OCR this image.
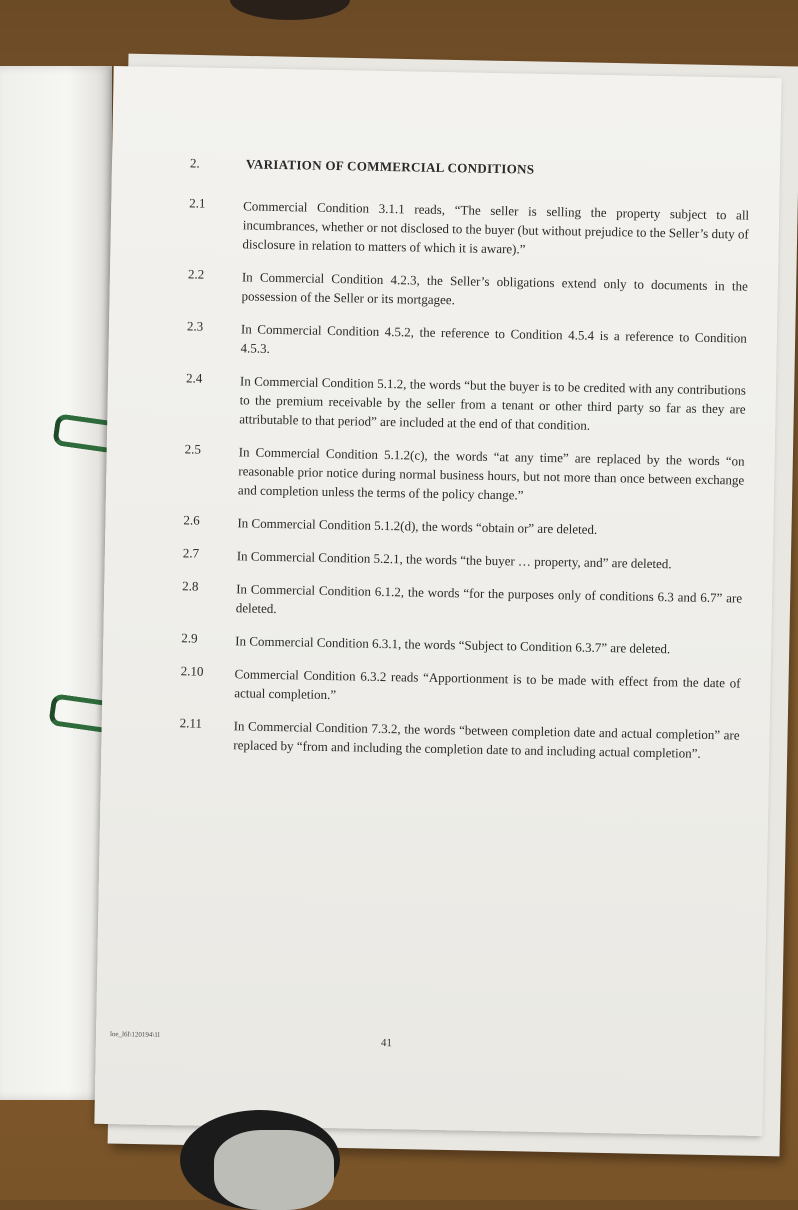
2.	VARIATION OF COMMERCIAL CONDITIONS
2.1	Commercial Condition 3.1.1 reads, “The seller is selling the property subject to all incumbrances, whether or not disclosed to the buyer (but without prejudice to the Seller’s duty of disclosure in relation to matters of which it is aware).”
2.2	In Commercial Condition 4.2.3, the Seller’s obligations extend only to documents in the possession of the Seller or its mortgagee.
2.3	In Commercial Condition 4.5.2, the reference to Condition 4.5.4 is a reference to Condition 4.5.3.
2.4	In Commercial Condition 5.1.2, the words “but the buyer is to be credited with any contributions to the premium receivable by the seller from a tenant or other third party so far as they are attributable to that period” are included at the end of that condition.
2.5	In Commercial Condition 5.1.2(c), the words “at any time” are replaced by the words “on reasonable prior notice during normal business hours, but not more than once between exchange and completion unless the terms of the policy change.”
2.6	In Commercial Condition 5.1.2(d), the words “obtain or” are deleted.
2.7	In Commercial Condition 5.2.1, the words “the buyer … property, and” are deleted.
2.8	In Commercial Condition 6.1.2, the words “for the purposes only of conditions 6.3 and 6.7” are deleted.
2.9	In Commercial Condition 6.3.1, the words “Subject to Condition 6.3.7” are deleted.
2.10	Commercial Condition 6.3.2 reads “Apportionment is to be made with effect from the date of actual completion.”
2.11	In Commercial Condition 7.3.2, the words “between completion date and actual completion” are replaced by “from and including the completion date to and including actual completion”.
loe_l6l\120194\1l
41
